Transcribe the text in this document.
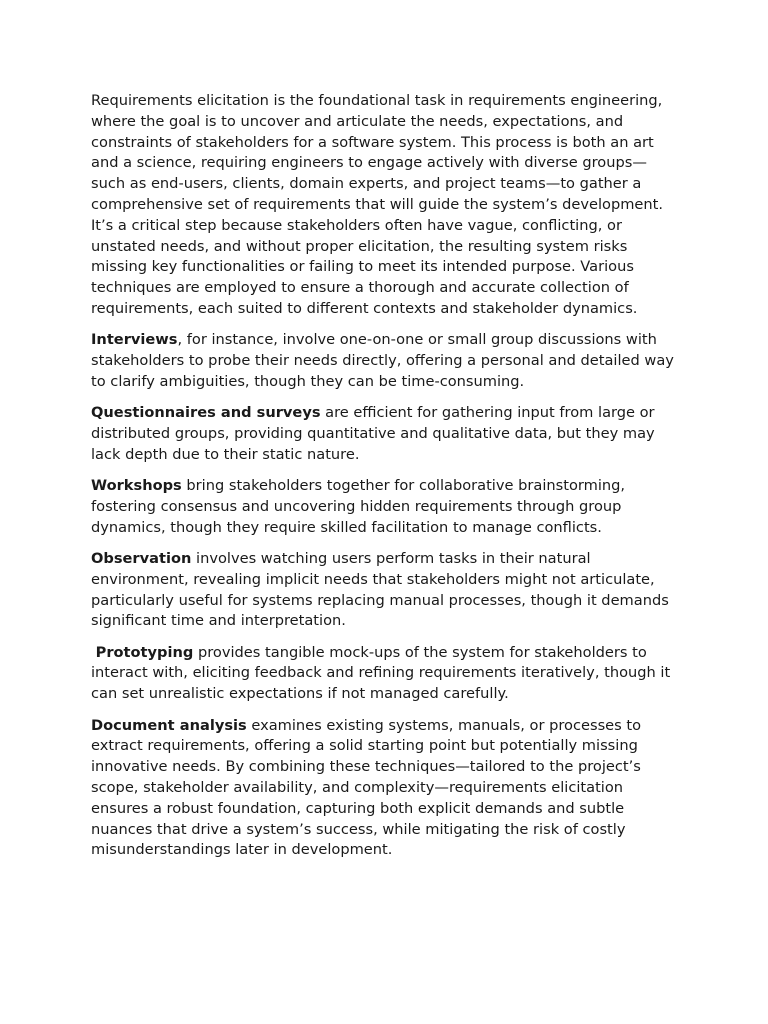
Requirements elicitation is the foundational task in requirements engineering, where the goal is to uncover and articulate the needs, expectations, and constraints of stakeholders for a software system. This process is both an art and a science, requiring engineers to engage actively with diverse groups—such as end-users, clients, domain experts, and project teams—to gather a comprehensive set of requirements that will guide the system’s development. It’s a critical step because stakeholders often have vague, conflicting, or unstated needs, and without proper elicitation, the resulting system risks missing key functionalities or failing to meet its intended purpose. Various techniques are employed to ensure a thorough and accurate collection of requirements, each suited to different contexts and stakeholder dynamics.

Interviews, for instance, involve one-on-one or small group discussions with stakeholders to probe their needs directly, offering a personal and detailed way to clarify ambiguities, though they can be time-consuming.

Questionnaires and surveys are efficient for gathering input from large or distributed groups, providing quantitative and qualitative data, but they may lack depth due to their static nature.

Workshops bring stakeholders together for collaborative brainstorming, fostering consensus and uncovering hidden requirements through group dynamics, though they require skilled facilitation to manage conflicts.

Observation involves watching users perform tasks in their natural environment, revealing implicit needs that stakeholders might not articulate, particularly useful for systems replacing manual processes, though it demands significant time and interpretation.

Prototyping provides tangible mock-ups of the system for stakeholders to interact with, eliciting feedback and refining requirements iteratively, though it can set unrealistic expectations if not managed carefully.

Document analysis examines existing systems, manuals, or processes to extract requirements, offering a solid starting point but potentially missing innovative needs. By combining these techniques—tailored to the project’s scope, stakeholder availability, and complexity—requirements elicitation ensures a robust foundation, capturing both explicit demands and subtle nuances that drive a system’s success, while mitigating the risk of costly misunderstandings later in development.
